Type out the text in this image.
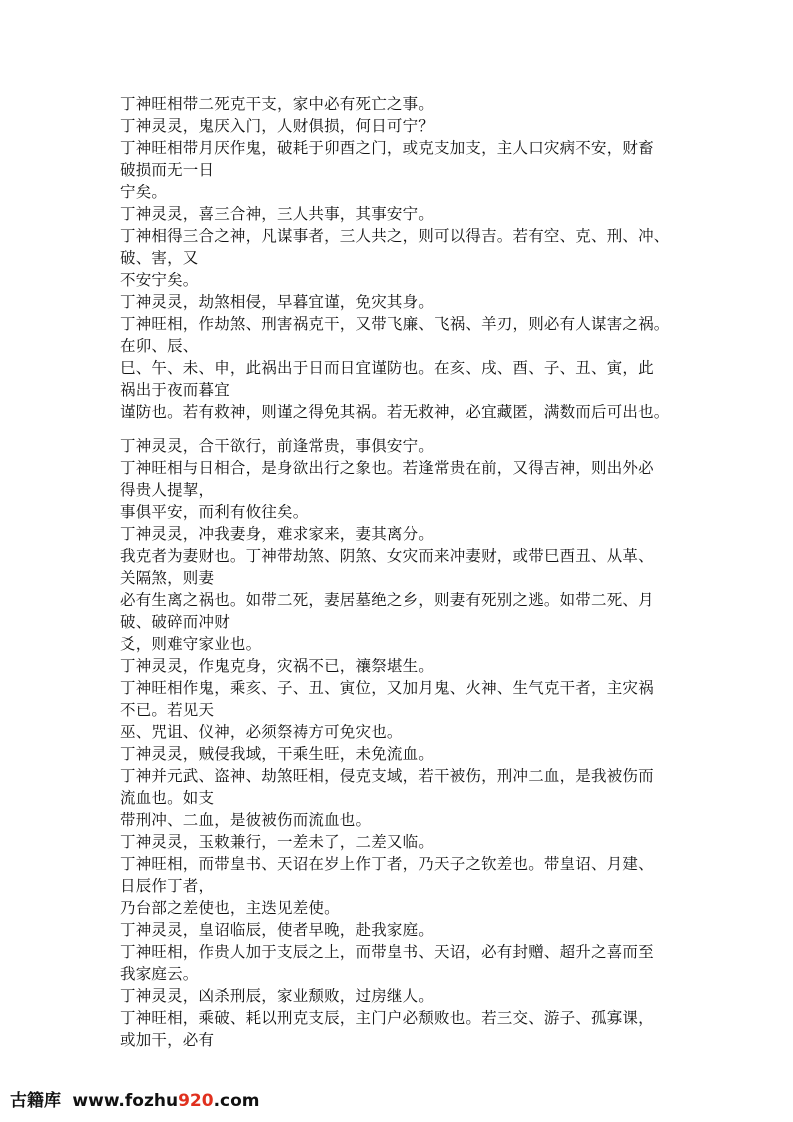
丁神旺相带二死克干支，家中必有死亡之事。
丁神灵灵，鬼厌入门，人财俱损，何日可宁？
丁神旺相带月厌作鬼，破耗于卯酉之门，或克支加支，主人口灾病不安，财畜
破损而无一日
宁矣。
丁神灵灵，喜三合神，三人共事，其事安宁。
丁神相得三合之神，凡谋事者，三人共之，则可以得吉。若有空、克、刑、冲、
破、害，又
不安宁矣。
丁神灵灵，劫煞相侵，早暮宜谨，免灾其身。
丁神旺相，作劫煞、刑害祸克干，又带飞廉、飞祸、羊刃，则必有人谋害之祸。
在卯、辰、
巳、午、未、申，此祸出于日而日宜谨防也。在亥、戌、酉、子、丑、寅，此
祸出于夜而暮宜
谨防也。若有救神，则谨之得免其祸。若无救神，必宜藏匿，满数而后可出也。
丁神灵灵，合干欲行，前逢常贵，事俱安宁。
丁神旺相与日相合，是身欲出行之象也。若逢常贵在前，又得吉神，则出外必
得贵人提挈，
事俱平安，而利有攸往矣。
丁神灵灵，冲我妻身，难求家来，妻其离分。
我克者为妻财也。丁神带劫煞、阴煞、女灾而来冲妻财，或带巳酉丑、从革、
关隔煞，则妻
必有生离之祸也。如带二死，妻居墓绝之乡，则妻有死别之逃。如带二死、月
破、破碎而冲财
爻，则难守家业也。
丁神灵灵，作鬼克身，灾祸不已，禳祭堪生。
丁神旺相作鬼，乘亥、子、丑、寅位，又加月鬼、火神、生气克干者，主灾祸
不已。若见天
巫、咒诅、仪神，必须祭祷方可免灾也。
丁神灵灵，贼侵我域，干乘生旺，未免流血。
丁神并元武、盗神、劫煞旺相，侵克支域，若干被伤，刑冲二血，是我被伤而
流血也。如支
带刑冲、二血，是彼被伤而流血也。
丁神灵灵，玉敕兼行，一差未了，二差又临。
丁神旺相，而带皇书、天诏在岁上作丁者，乃天子之钦差也。带皇诏、月建、
日辰作丁者，
乃台部之差使也，主迭见差使。
丁神灵灵，皇诏临辰，使者早晚，赴我家庭。
丁神旺相，作贵人加于支辰之上，而带皇书、天诏，必有封赠、超升之喜而至
我家庭云。
丁神灵灵，凶杀刑辰，家业颓败，过房继人。
丁神旺相，乘破、耗以刑克支辰，主门户必颓败也。若三交、游子、孤寡课，
或加干，必有
古籍库 www.fozhu920.com
